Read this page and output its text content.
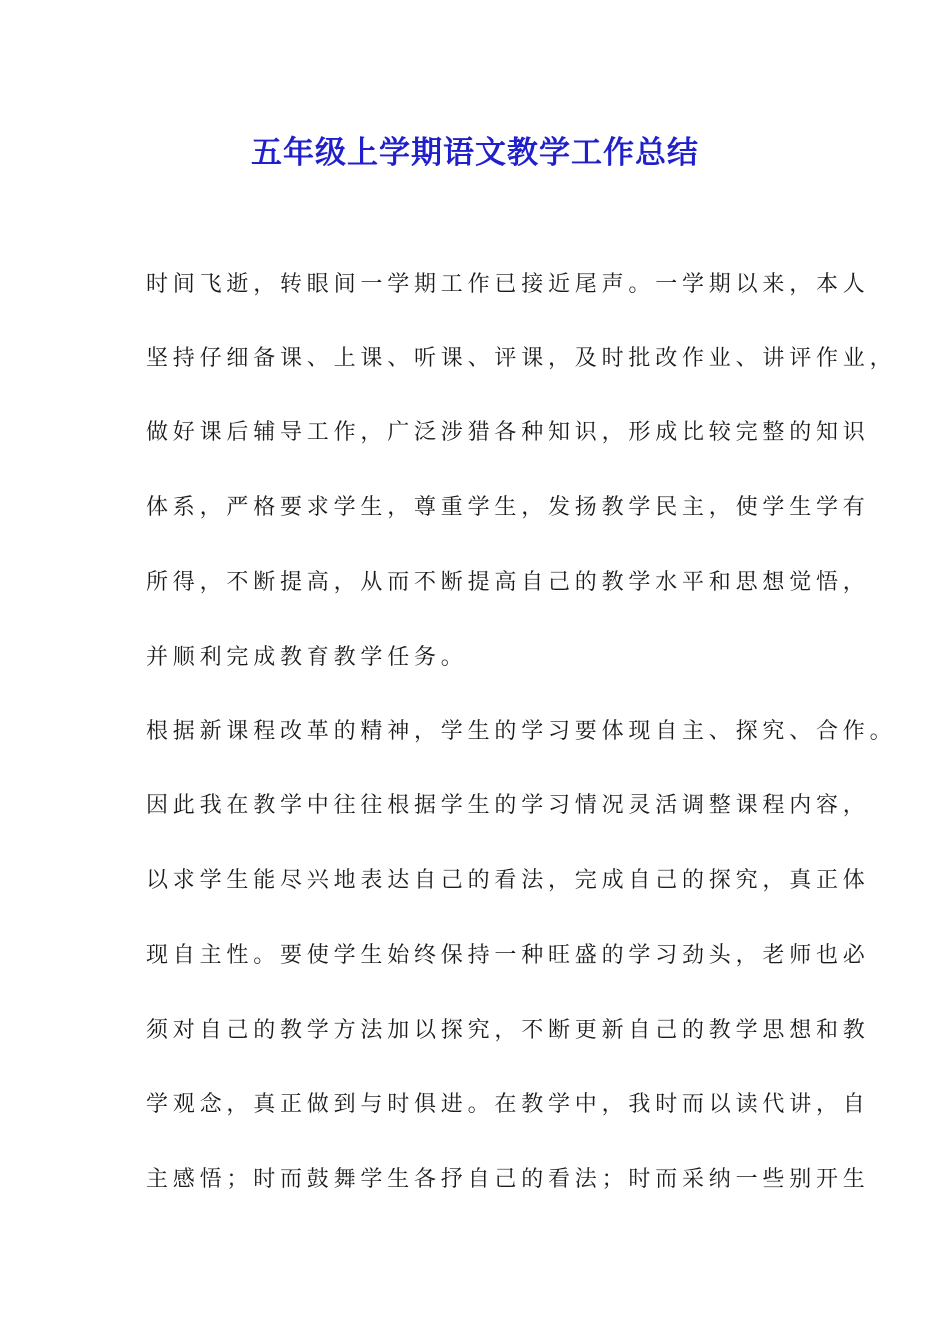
五年级上学期语文教学工作总结

时间飞逝，转眼间一学期工作已接近尾声。一学期以来，本人

坚持仔细备课、上课、听课、评课，及时批改作业、讲评作业，

做好课后辅导工作，广泛涉猎各种知识，形成比较完整的知识

体系，严格要求学生，尊重学生，发扬教学民主，使学生学有

所得，不断提高，从而不断提高自己的教学水平和思想觉悟，

并顺利完成教育教学任务。

根据新课程改革的精神，学生的学习要体现自主、探究、合作。

因此我在教学中往往根据学生的学习情况灵活调整课程内容，

以求学生能尽兴地表达自己的看法，完成自己的探究，真正体

现自主性。要使学生始终保持一种旺盛的学习劲头，老师也必

须对自己的教学方法加以探究，不断更新自己的教学思想和教

学观念，真正做到与时俱进。在教学中，我时而以读代讲，自

主感悟；时而鼓舞学生各抒自己的看法；时而采纳一些别开生
